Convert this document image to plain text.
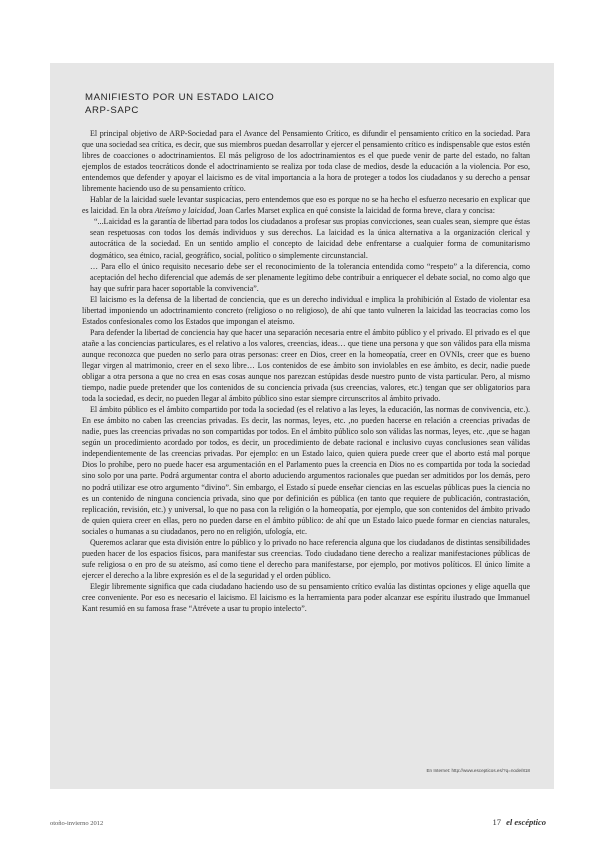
MANIFIESTO POR UN ESTADO LAICO
ARP-SAPC

El principal objetivo de ARP-Sociedad para el Avance del Pensamiento Crítico, es difundir el pensamiento crítico en la sociedad. Para que una sociedad sea crítica, es decir, que sus miembros puedan desarrollar y ejercer el pensamiento crítico es indispensable que estos estén libres de coacciones o adoctrinamientos. El más peligroso de los adoctrinamientos es el que puede venir de parte del estado, no faltan ejemplos de estados teocráticos donde el adoctrinamiento se realiza por toda clase de medios, desde la educación a la violencia. Por eso, entendemos que defender y apoyar el laicismo es de vital importancia a la hora de proteger a todos los ciudadanos y su derecho a pensar libremente haciendo uso de su pensamiento crítico.

Hablar de la laicidad suele levantar suspicacias, pero entendemos que eso es porque no se ha hecho el esfuerzo necesario en explicar que es laicidad. En la obra Ateísmo y laicidad, Joan Carles Marset explica en qué consiste la laicidad de forma breve, clara y concisa:

“...Laicidad es la garantía de libertad para todos los ciudadanos a profesar sus propias convicciones, sean cuales sean, siempre que éstas sean respetuosas con todos los demás individuos y sus derechos. La laicidad es la única alternativa a la organización clerical y autocrática de la sociedad. En un sentido amplio el concepto de laicidad debe enfrentarse a cualquier forma de comunitarismo dogmático, sea étnico, racial, geográfico, social, político o simplemente circunstancial.

… Para ello el único requisito necesario debe ser el reconocimiento de la tolerancia entendida como “respeto” a la diferencia, como aceptación del hecho diferencial que además de ser plenamente legítimo debe contribuir a enriquecer el debate social, no como algo que hay que sufrir para hacer soportable la convivencia”.

El laicismo es la defensa de la libertad de conciencia, que es un derecho individual e implica la prohibición al Estado de violentar esa libertad imponiendo un adoctrinamiento concreto (religioso o no religioso), de ahí que tanto vulneren la laicidad las teocracias como los Estados confesionales como los Estados que impongan el ateísmo.

Para defender la libertad de conciencia hay que hacer una separación necesaria entre el ámbito público y el privado. El privado es el que atañe a las conciencias particulares, es el relativo a los valores, creencias, ideas… que tiene una persona y que son válidos para ella misma aunque reconozca que pueden no serlo para otras personas: creer en Dios, creer en la homeopatía, creer en OVNIs, creer que es bueno llegar virgen al matrimonio, creer en el sexo libre… Los contenidos de ese ámbito son inviolables en ese ámbito, es decir, nadie puede obligar a otra persona a que no crea en esas cosas aunque nos parezcan estúpidas desde nuestro punto de vista particular. Pero, al mismo tiempo, nadie puede pretender que los contenidos de su conciencia privada (sus creencias, valores, etc.) tengan que ser obligatorios para toda la sociedad, es decir, no pueden llegar al ámbito público sino estar siempre circunscritos al ámbito privado.

El ámbito público es el ámbito compartido por toda la sociedad (es el relativo a las leyes, la educación, las normas de convivencia, etc.). En ese ámbito no caben las creencias privadas. Es decir, las normas, leyes, etc. ,no pueden hacerse en relación a creencias privadas de nadie, pues las creencias privadas no son compartidas por todos. En el ámbito público solo son válidas las normas, leyes, etc. ,que se hagan según un procedimiento acordado por todos, es decir, un procedimiento de debate racional e inclusivo cuyas conclusiones sean válidas independientemente de las creencias privadas. Por ejemplo: en un Estado laico, quien quiera puede creer que el aborto está mal porque Dios lo prohíbe, pero no puede hacer esa argumentación en el Parlamento pues la creencia en Dios no es compartida por toda la sociedad sino solo por una parte. Podrá argumentar contra el aborto aduciendo argumentos racionales que puedan ser admitidos por los demás, pero no podrá utilizar ese otro argumento “divino”. Sin embargo, el Estado sí puede enseñar ciencias en las escuelas públicas pues la ciencia no es un contenido de ninguna conciencia privada, sino que por definición es pública (en tanto que requiere de publicación, contrastación, replicación, revisión, etc.) y universal, lo que no pasa con la religión o la homeopatía, por ejemplo, que son contenidos del ámbito privado de quien quiera creer en ellas, pero no pueden darse en el ámbito público: de ahí que un Estado laico puede formar en ciencias naturales, sociales o humanas a su ciudadanos, pero no en religión, ufología, etc.

Queremos aclarar que esta división entre lo público y lo privado no hace referencia alguna que los ciudadanos de distintas sensibilidades pueden hacer de los espacios físicos, para manifestar sus creencias. Todo ciudadano tiene derecho a realizar manifestaciones públicas de sufe religiosa o en pro de su ateísmo, así como tiene el derecho para manifestarse, por ejemplo, por motivos políticos. El único límite a ejercer el derecho a la libre expresión es el de la seguridad y el orden público.

Elegir libremente significa que cada ciudadano haciendo uso de su pensamiento crítico evalúa las distintas opciones y elige aquella que cree conveniente. Por eso es necesario el laicismo. El laicismo es la herramienta para poder alcanzar ese espíritu ilustrado que Immanuel Kant resumió en su famosa frase “Atrévete a usar tu propio intelecto”.

En Internet: http://www.escepticos.es/?q=node/818
otoño-invierno 2012	17 el escéptico
